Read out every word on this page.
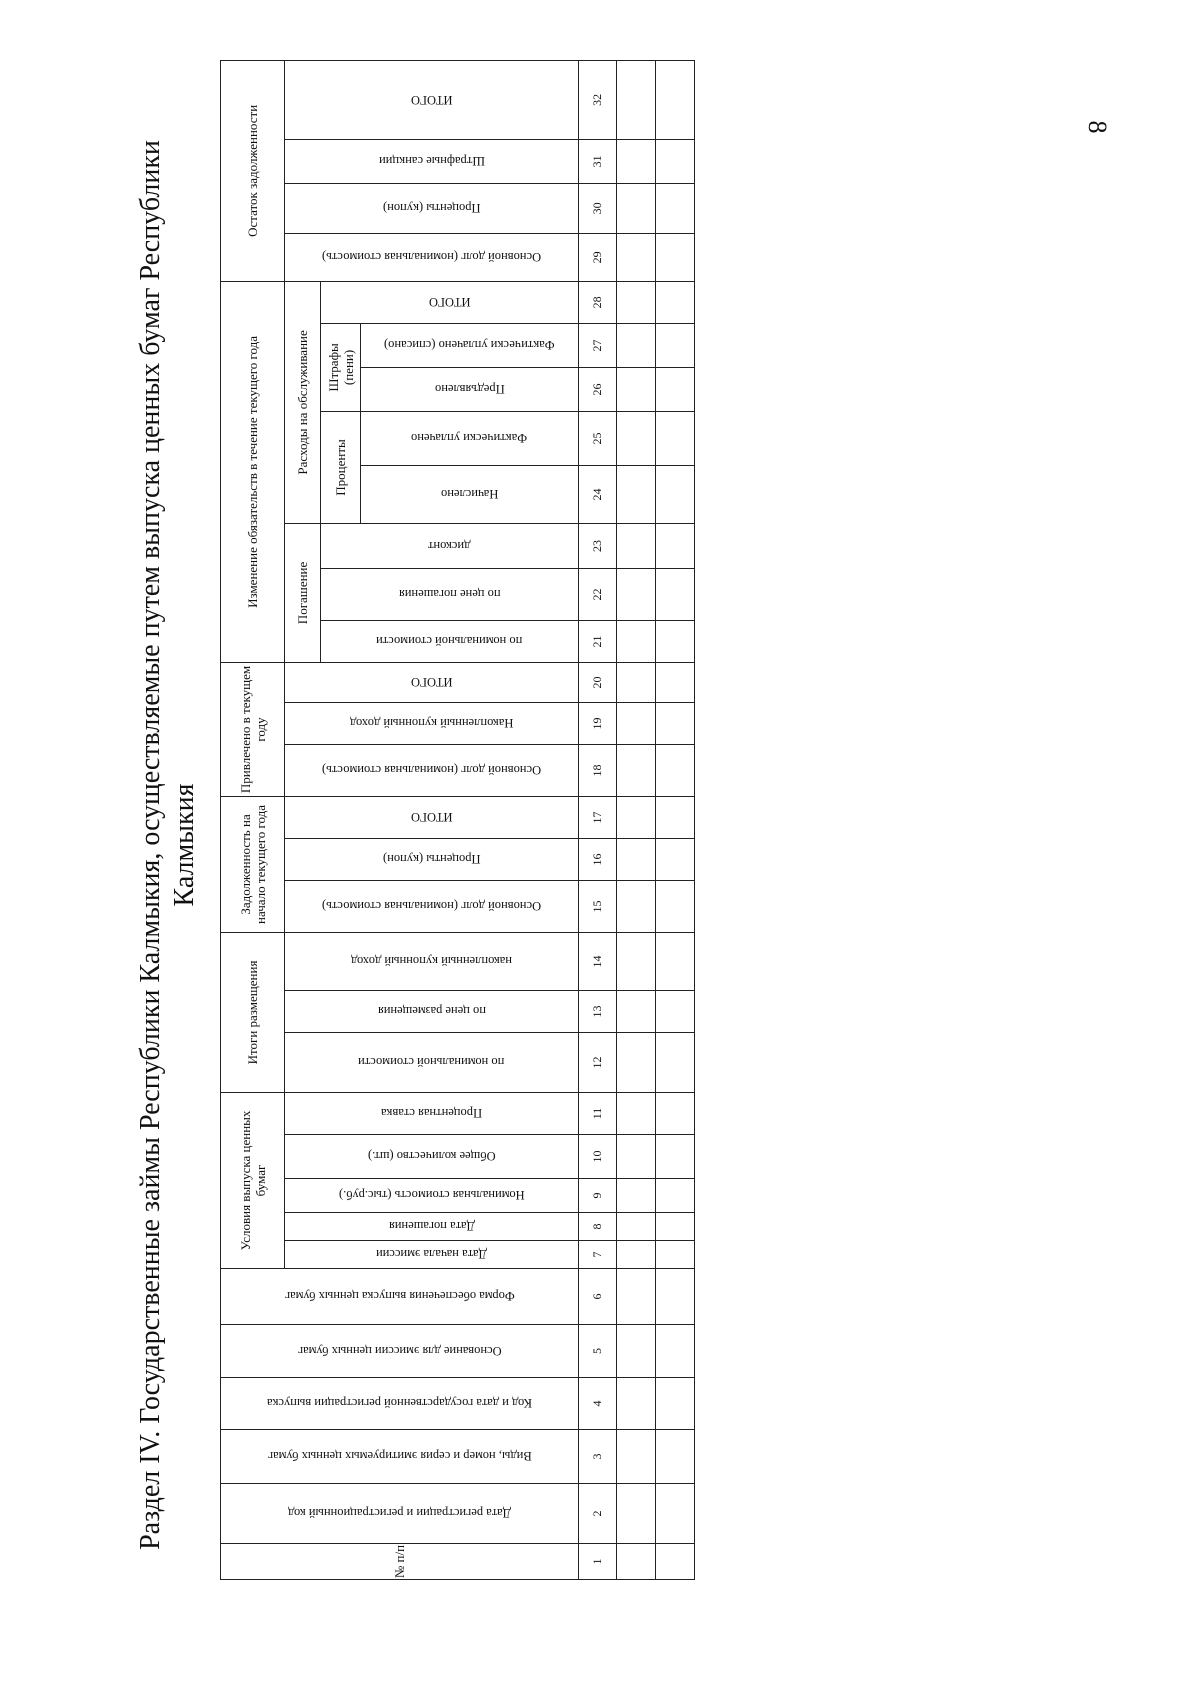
8
Раздел IV. Государственные займы Республики Калмыкия, осуществляемые путем выпуска ценных бумаг Республики Калмыкия
№ п/п	Дата регистрации и регистрационный код	Виды, номер и серия эмитируемых ценных бумаг	Код и дата государственной регистрации выпуска	Основание для эмиссии ценных бумаг	Форма обеспечения выпуска ценных бумаг	Условия выпуска ценных бумаг					Итоги размещения			Задолженность на начало текущего года			Привлечено в текущем году			Изменение обязательств в течение текущего года								Остаток задолженности			

						Дата начала эмиссии	Дата погашения	Номинальная стоимость (тыс.руб.)	Общее количество (шт.)	Процентная ставка	по номинальной стоимости	по цене размещения	накопленный купонный доход	Основной долг (номинальная стоимость)	Проценты (купон)	ИТОГО	Основной долг (номинальная стоимость)	Накопленный купонный доход	ИТОГО	Погашение			Расходы на обслуживание					Основной долг (номинальная стоимость)	Проценты (купон)	Штрафные санкции	ИТОГО

																				по номинальной стоимости	по цене погашения	дисконт	Проценты		Штрафы (пени)		ИТОГО				

																							Начислено	Фактически уплачено	Предъявлено	Фактически уплачено (списано)					

1	2	3	4	5	6	7	8	9	10	11	12	13	14	15	16	17	18	19	20	21	22	23	24	25	26	27	28	29	30	31	32
